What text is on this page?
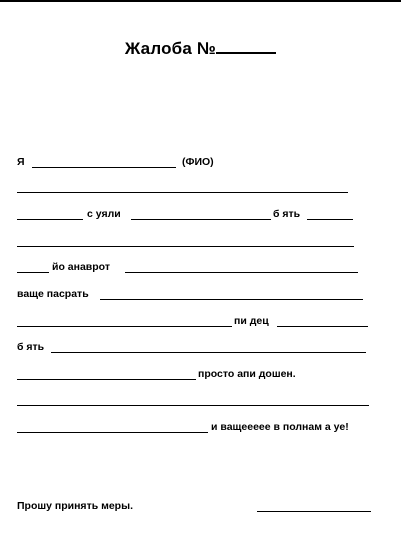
Жалоба №
Я	(ФИО)
с уяли	б ять
йо анаврот
ваще пасрать
пи дец
б ять
просто апи дошен.
и ващеееее в полнам а уе!
Прошу принять меры.
